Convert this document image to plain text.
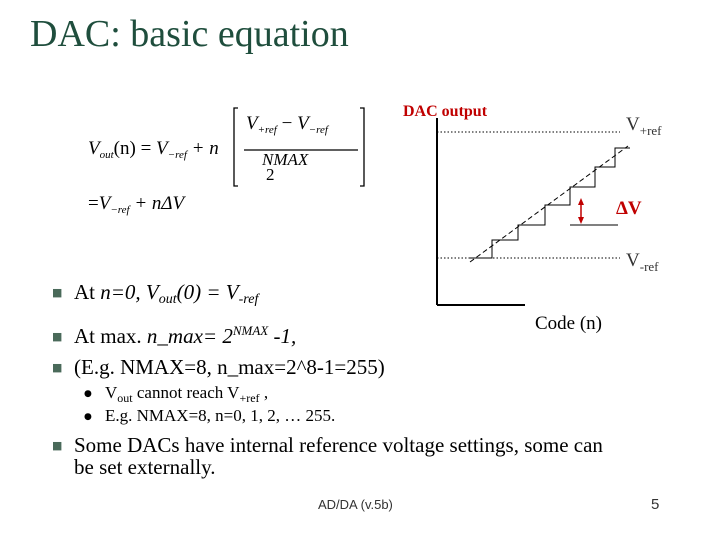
DAC: basic equation
$V_{out}(n) = V_{-ref} + n$
$V_{+ref} - V_{-ref}$
NMAX
2
$=V_{-ref} + n\Delta V$
DAC output
$V_{+ref}$
ΔV
$V_{-ref}$
Code (n)
■ At n=0, Vout(0) = V-ref
■ At max. n_max= $2^{NMAX}$ -1,
■ (E.g. NMAX=8, n_max=2^8-1=255)
● $V_{out}$ cannot reach $V_{+ref}$ ,
● E.g. NMAX=8, n=0, 1, 2, … 255.
■ Some DACs have internal reference voltage settings, some can
be set externally.
AD/DA (v.5b)	5
